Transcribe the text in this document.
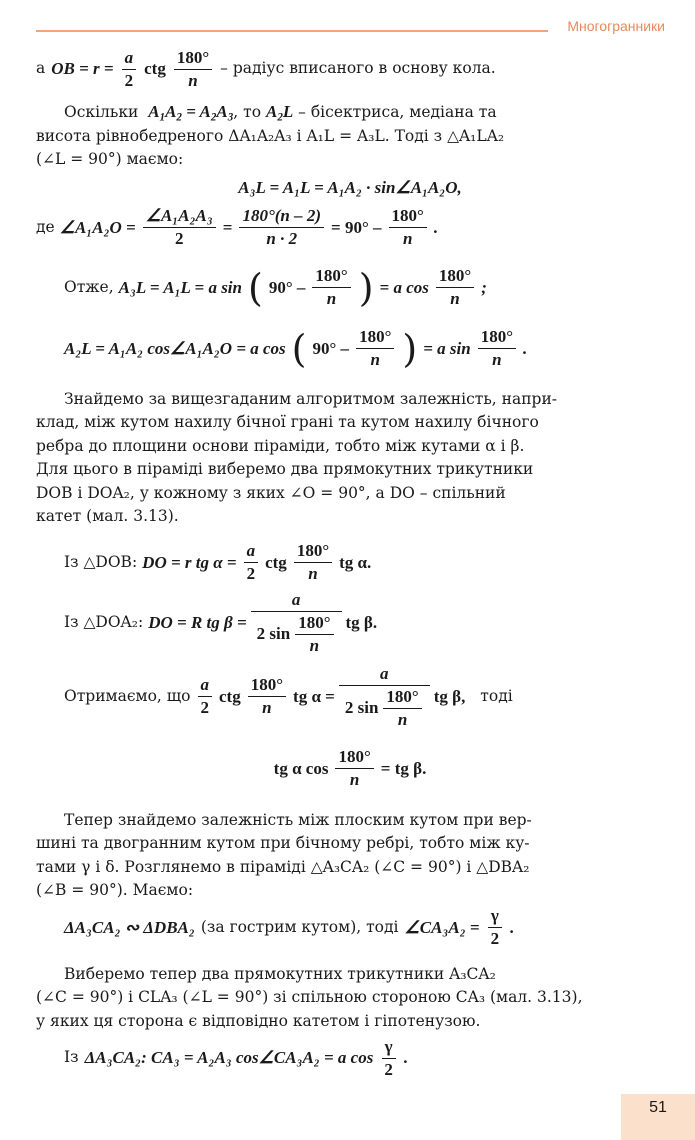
Многогранники
а OB = $r = \frac{a}{2}$ ctg
180°
n
– радіус вписаного в основу кола.

Оскільки $A_1A_2 = A_2A_3$, то $A_2L$ – бісектриса, медіана та
висота рівнобедреного ΔA₁A₂A₃ і A₁L = A₃L. Тоді з △A₁LA₂
(∠L = 90°) маємо:

A₃L = A₁L = A₁A₂ · sin∠A₁A₂O,
де ∠A₁A₂O = $\frac{\text{∠A₁A₂A₃}}{2} = \frac{180^\circ(n - 2)}{n \cdot 2} = 90^\circ$ –
180°
n
.
Отже, A₃L = A₁L = a sin ( 90° –
180°
n ) = a cos
180°
n
;
A₂L = A₁A₂ cos∠A₁A₂O = a cos ( 90° –
180°
n ) = a sin
180°
n
.

Знайдемо за вищезгаданим алгоритмом залежність, напри-
клад, між кутом нахилу бічної грані та кутом нахилу бічного
ребра до площини основи піраміди, тобто між кутами α і β.
Для цього в піраміді виберемо два прямокутних трикутники
DOB і DOA₂, у кожному з яких ∠O = 90°, а DO – спільний
катет (мал. 3.13).

Із △DOB: DO = r tg $\alpha = \frac{a}{2}$ ctg
180°
n
tg α.
Із △DOA₂: DO = R tg β = a
2 sin
180°
n tg β.
Отримаємо, що
a
2
ctg
180°
n
tg α = a
2 sin
180°
n tg β,
тоді
tg α $\cos \frac{180^\circ}{n}$ = tg β.

Тепер знайдемо залежність між плоским кутом при вер-
шині та двогранним кутом при бічному ребрі, тобто між ку-
тами γ і δ. Розглянемо в піраміді △A₃CA₂ (∠C = 90°) і △DBA₂
(∠B = 90°). Маємо:

ΔA₃CA₂ ∾ ΔDBA₂ (за гострим кутом), тоді ∠CA₃A₂ = $\frac{\gamma}{2}$ .

Виберемо тепер два прямокутних трикутники A₃CA₂
(∠C = 90°) і CLA₃ (∠L = 90°) зі спільною стороною CA₃ (мал. 3.13),
у яких ця сторона є відповідно катетом і гіпотенузою.

Із ΔA₃CA₂: CA₃ = A₂A₃ cos∠CA₃A₂ = a cos
γ
2
.
51
